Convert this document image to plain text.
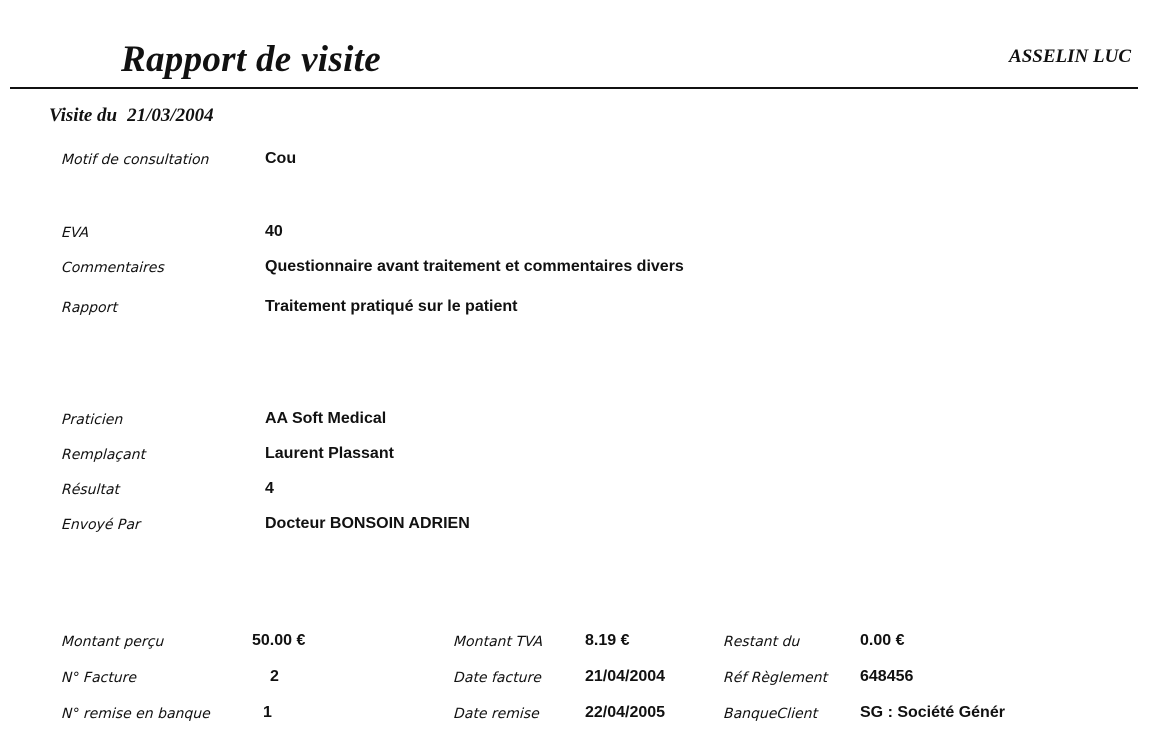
Rapport de visite	ASSELIN LUC
Visite du 21/03/2004
Motif de consultation	Cou
EVA	40
Commentaires	Questionnaire avant traitement et commentaires divers
Rapport	Traitement pratiqué sur le patient
Praticien	AA Soft Medical
Remplaçant	Laurent Plassant
Résultat	4
Envoyé Par	Docteur BONSOIN ADRIEN
Montant perçu	50.00 €	Montant TVA	8.19 €	Restant du	0.00 €
N° Facture	2	Date facture	21/04/2004	Réf Règlement 648456
N° remise en banque	1	Date remise	22/04/2005	BanqueClient	SG : Société Génér
